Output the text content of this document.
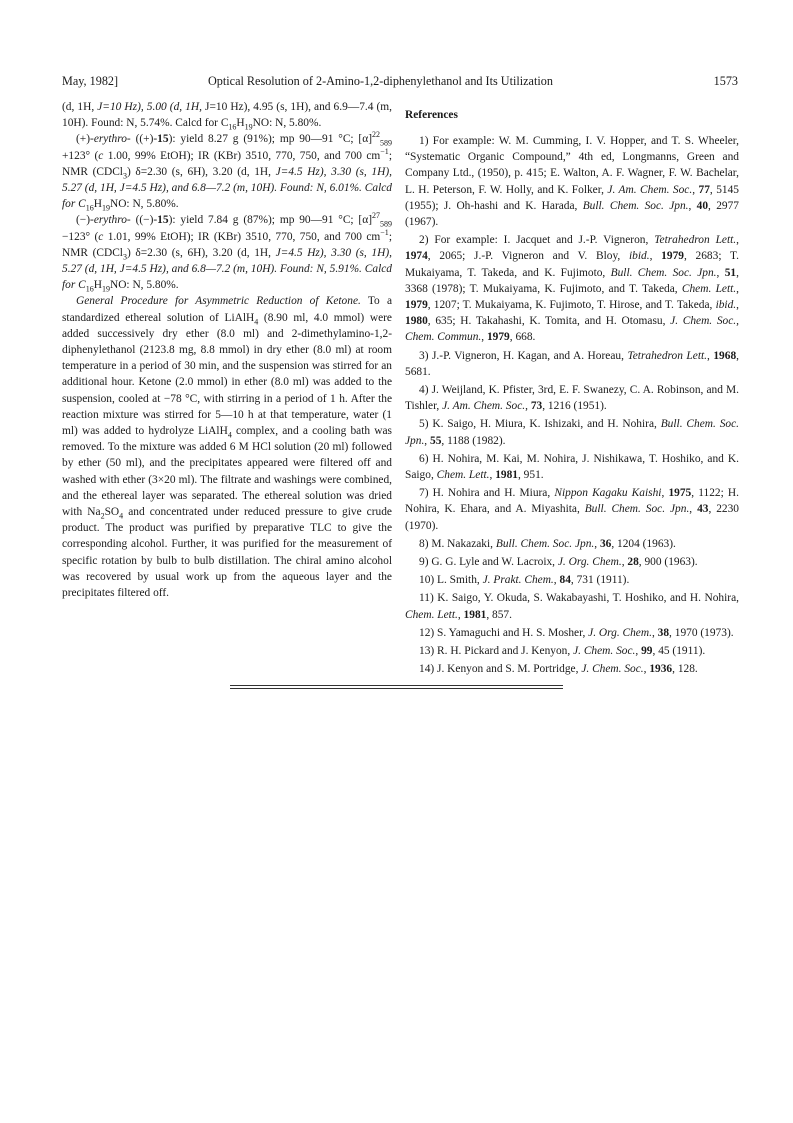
May, 1982]	Optical Resolution of 2-Amino-1,2-diphenylethanol and Its Utilization	1573

(d, 1H, J=10 Hz), 5.00 (d, 1H, J=10 Hz), 4.95 (s, 1H), and 6.9—7.4 (m, 10H). Found: N, 5.74%. Calcd for $C_{16}H_{19}NO$: N, 5.80%.

(+)-erythro- ((+)-15): yield 8.27 g (91%); mp 90—91 °C; $[\alpha]^{22}_{589} +123^\circ$ (c 1.00, 99% EtOH); IR (KBr) 3510, 770, 750, and 700 $cm^{-1}$; NMR (CDCl$_3$) δ=2.30 (s, 6H), 3.20 (d, 1H, J=4.5 Hz), 3.30 (s, 1H), 5.27 (d, 1H, J=4.5 Hz), and 6.8—7.2 (m, 10H). Found: N, 6.01%. Calcd for $C_{16}H_{19}NO$: N, 5.80%.

(−)-erythro- ((−)-15): yield 7.84 g (87%); mp 90—91 °C; $[\alpha]^{27}_{589} -123^\circ$ (c 1.01, 99% EtOH); IR (KBr) 3510, 770, 750, and 700 $cm^{-1}$; NMR (CDCl$_3$) δ=2.30 (s, 6H), 3.20 (d, 1H, J=4.5 Hz), 3.30 (s, 1H), 5.27 (d, 1H, J=4.5 Hz), and 6.8—7.2 (m, 10H). Found: N, 5.91%. Calcd for $C_{16}H_{19}NO$: N, 5.80%.

General Procedure for Asymmetric Reduction of Ketone. To a standardized ethereal solution of LiAlH$_4$ (8.90 ml, 4.0 mmol) were added successively dry ether (8.0 ml) and 2-dimethylamino-1,2-diphenylethanol (2123.8 mg, 8.8 mmol) in dry ether (8.0 ml) at room temperature in a period of 30 min, and the suspension was stirred for an additional hour. Ketone (2.0 mmol) in ether (8.0 ml) was added to the suspension, cooled at −78 °C, with stirring in a period of 1 h. After the reaction mixture was stirred for 5—10 h at that temperature, water (1 ml) was added to hydrolyze LiAlH$_4$ complex, and a cooling bath was removed. To the mixture was added 6 M HCl solution (20 ml) followed by ether (50 ml), and the precipitates appeared were filtered off and washed with ether (3×20 ml). The filtrate and washings were combined, and the ethereal layer was separated. The ethereal solution was dried with $Na_2SO_4$ and concentrated under reduced pressure to give crude product. The product was purified by preparative TLC to give the corresponding alcohol. Further, it was purified for the measurement of specific rotation by bulb to bulb distillation. The chiral amino alcohol was recovered by usual work up from the aqueous layer and the precipitates filtered off.

References

1) For example: W. M. Cumming, I. V. Hopper, and T. S. Wheeler, “Systematic Organic Compound,” 4th ed, Longmanns, Green and Company Ltd., (1950), p. 415; E. Walton, A. F. Wagner, F. W. Bachelar, L. H. Peterson, F. W. Holly, and K. Folker, J. Am. Chem. Soc., 77, 5145 (1955); J. Oh-hashi and K. Harada, Bull. Chem. Soc. Jpn., 40, 2977 (1967).

2) For example: I. Jacquet and J.-P. Vigneron, Tetrahedron Lett., 1974, 2065; J.-P. Vigneron and V. Bloy, ibid., 1979, 2683; T. Mukaiyama, T. Takeda, and K. Fujimoto, Bull. Chem. Soc. Jpn., 51, 3368 (1978); T. Mukaiyama, K. Fujimoto, and T. Takeda, Chem. Lett., 1979, 1207; T. Mukaiyama, K. Fujimoto, T. Hirose, and T. Takeda, ibid., 1980, 635; H. Takahashi, K. Tomita, and H. Otomasu, J. Chem. Soc., Chem. Commun., 1979, 668.

3) J.-P. Vigneron, H. Kagan, and A. Horeau, Tetrahedron Lett., 1968, 5681.

4) J. Weijland, K. Pfister, 3rd, E. F. Swanezy, C. A. Robinson, and M. Tishler, J. Am. Chem. Soc., 73, 1216 (1951).

5) K. Saigo, H. Miura, K. Ishizaki, and H. Nohira, Bull. Chem. Soc. Jpn., 55, 1188 (1982).

6) H. Nohira, M. Kai, M. Nohira, J. Nishikawa, T. Hoshiko, and K. Saigo, Chem. Lett., 1981, 951.

7) H. Nohira and H. Miura, Nippon Kagaku Kaishi, 1975, 1122; H. Nohira, K. Ehara, and A. Miyashita, Bull. Chem. Soc. Jpn., 43, 2230 (1970).

8) M. Nakazaki, Bull. Chem. Soc. Jpn., 36, 1204 (1963).

9) G. G. Lyle and W. Lacroix, J. Org. Chem., 28, 900 (1963).

10) L. Smith, J. Prakt. Chem., 84, 731 (1911).

11) K. Saigo, Y. Okuda, S. Wakabayashi, T. Hoshiko, and H. Nohira, Chem. Lett., 1981, 857.

12) S. Yamaguchi and H. S. Mosher, J. Org. Chem., 38, 1970 (1973).

13) R. H. Pickard and J. Kenyon, J. Chem. Soc., 99, 45 (1911).

14) J. Kenyon and S. M. Portridge, J. Chem. Soc., 1936, 128.
